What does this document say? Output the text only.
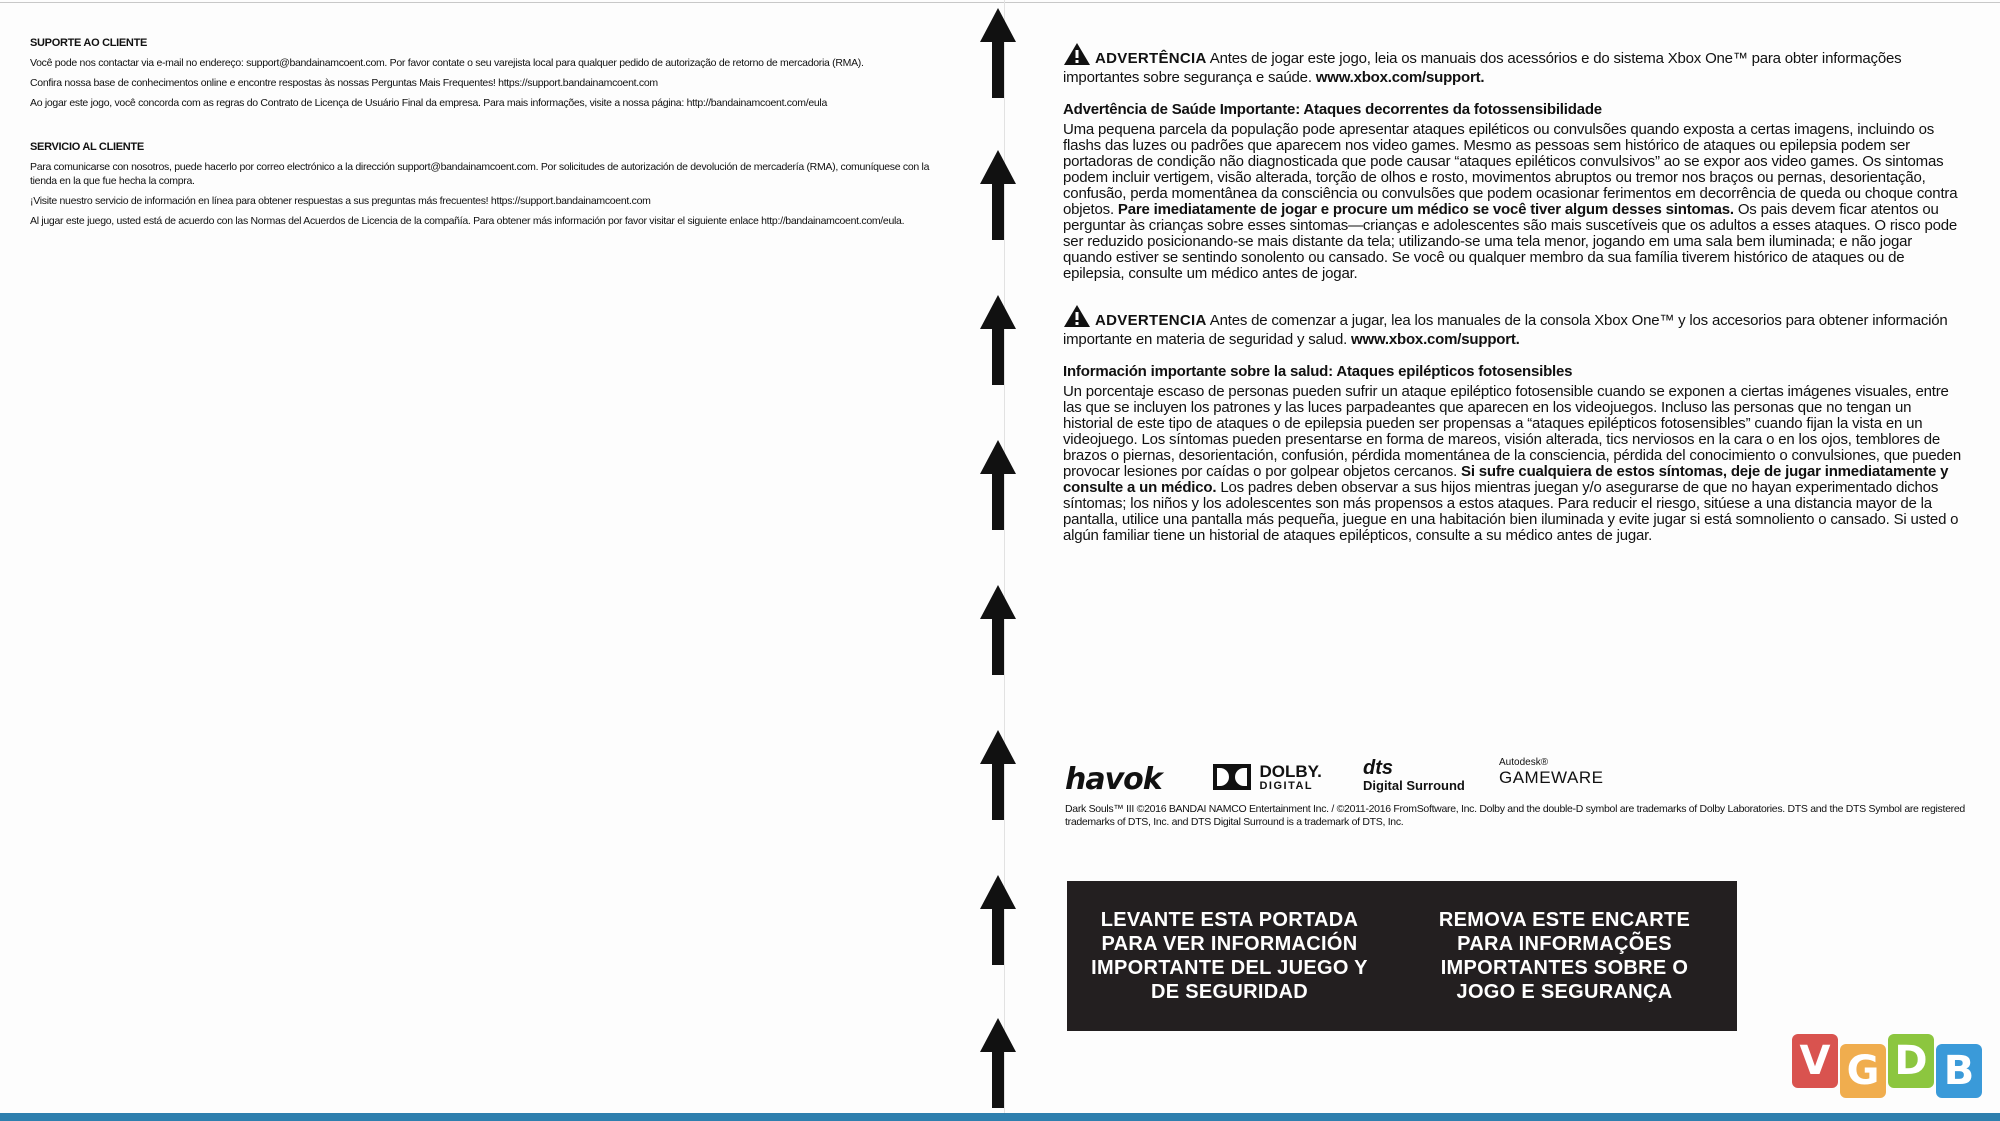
SUPORTE AO CLIENTE

Você pode nos contactar via e-mail no endereço: support@bandainamcoent.com. Por favor contate o seu varejista local para qualquer pedido de autorização de retorno de mercadoria (RMA).

Confira nossa base de conhecimentos online e encontre respostas às nossas Perguntas Mais Frequentes! https://support.bandainamcoent.com

Ao jogar este jogo, você concorda com as regras do Contrato de Licença de Usuário Final da empresa. Para mais informações, visite a nossa página: http://bandainamcoent.com/eula

SERVICIO AL CLIENTE

Para comunicarse con nosotros, puede hacerlo por correo electrónico a la dirección support@bandainamcoent.com. Por solicitudes de autorización de devolución de mercadería (RMA), comuníquese con la tienda en la que fue hecha la compra.

¡Visite nuestro servicio de información en línea para obtener respuestas a sus preguntas más frecuentes! https://support.bandainamcoent.com

Al jugar este juego, usted está de acuerdo con las Normas del Acuerdos de Licencia de la compañía. Para obtener más información por favor visitar el siguiente enlace http://bandainamcoent.com/eula.

ADVERTÊNCIA Antes de jogar este jogo, leia os manuais dos acessórios e do sistema Xbox One™ para obter informações importantes sobre segurança e saúde. www.xbox.com/support.

Advertência de Saúde Importante: Ataques decorrentes da fotossensibilidade

Uma pequena parcela da população pode apresentar ataques epiléticos ou convulsões quando exposta a certas imagens, incluindo os flashs das luzes ou padrões que aparecem nos video games. Mesmo as pessoas sem histórico de ataques ou epilepsia podem ser portadoras de condição não diagnosticada que pode causar “ataques epiléticos convulsivos” ao se expor aos video games. Os sintomas podem incluir vertigem, visão alterada, torção de olhos e rosto, movimentos abruptos ou tremor nos braços ou pernas, desorientação, confusão, perda momentânea da consciência ou convulsões que podem ocasionar ferimentos em decorrência de queda ou choque contra objetos. Pare imediatamente de jogar e procure um médico se você tiver algum desses sintomas. Os pais devem ficar atentos ou perguntar às crianças sobre esses sintomas—crianças e adolescentes são mais suscetíveis que os adultos a esses ataques. O risco pode ser reduzido posicionando-se mais distante da tela; utilizando-se uma tela menor, jogando em uma sala bem iluminada; e não jogar quando estiver se sentindo sonolento ou cansado. Se você ou qualquer membro da sua família tiverem histórico de ataques ou de epilepsia, consulte um médico antes de jogar.

ADVERTENCIA Antes de comenzar a jugar, lea los manuales de la consola Xbox One™ y los accesorios para obtener información importante en materia de seguridad y salud. www.xbox.com/support.

Información importante sobre la salud: Ataques epilépticos fotosensibles

Un porcentaje escaso de personas pueden sufrir un ataque epiléptico fotosensible cuando se exponen a ciertas imágenes visuales, entre las que se incluyen los patrones y las luces parpadeantes que aparecen en los videojuegos. Incluso las personas que no tengan un historial de este tipo de ataques o de epilepsia pueden ser propensas a “ataques epilépticos fotosensibles” cuando fijan la vista en un videojuego. Los síntomas pueden presentarse en forma de mareos, visión alterada, tics nerviosos en la cara o en los ojos, temblores de brazos o piernas, desorientación, confusión, pérdida momentánea de la consciencia, pérdida del conocimiento o convulsiones, que pueden provocar lesiones por caídas o por golpear objetos cercanos. Si sufre cualquiera de estos síntomas, deje de jugar inmediatamente y consulte a un médico. Los padres deben observar a sus hijos mientras juegan y/o asegurarse de que no hayan experimentado dichos síntomas; los niños y los adolescentes son más propensos a estos ataques. Para reducir el riesgo, sitúese a una distancia mayor de la pantalla, utilice una pantalla más pequeña, juegue en una habitación bien iluminada y evite jugar si está somnoliento o cansado. Si usted o algún familiar tiene un historial de ataques epilépticos, consulte a su médico antes de jugar.

havok	DOLBY.
DIGITAL
dts
Digital Surround
Autodesk®
GAMEWARE
Dark Souls™ III ©2016 BANDAI NAMCO Entertainment Inc. / ©2011-2016 FromSoftware, Inc. Dolby and the double-D symbol are trademarks of Dolby Laboratories. DTS and the DTS Symbol are registered trademarks of DTS, Inc. and DTS Digital Surround is a trademark of DTS, Inc.
LEVANTE ESTA PORTADA PARA VER INFORMACIÓN IMPORTANTE DEL JUEGO Y DE SEGURIDAD
REMOVA ESTE ENCARTE PARA INFORMAÇÕES IMPORTANTES SOBRE O JOGO E SEGURANÇA
V G D B
